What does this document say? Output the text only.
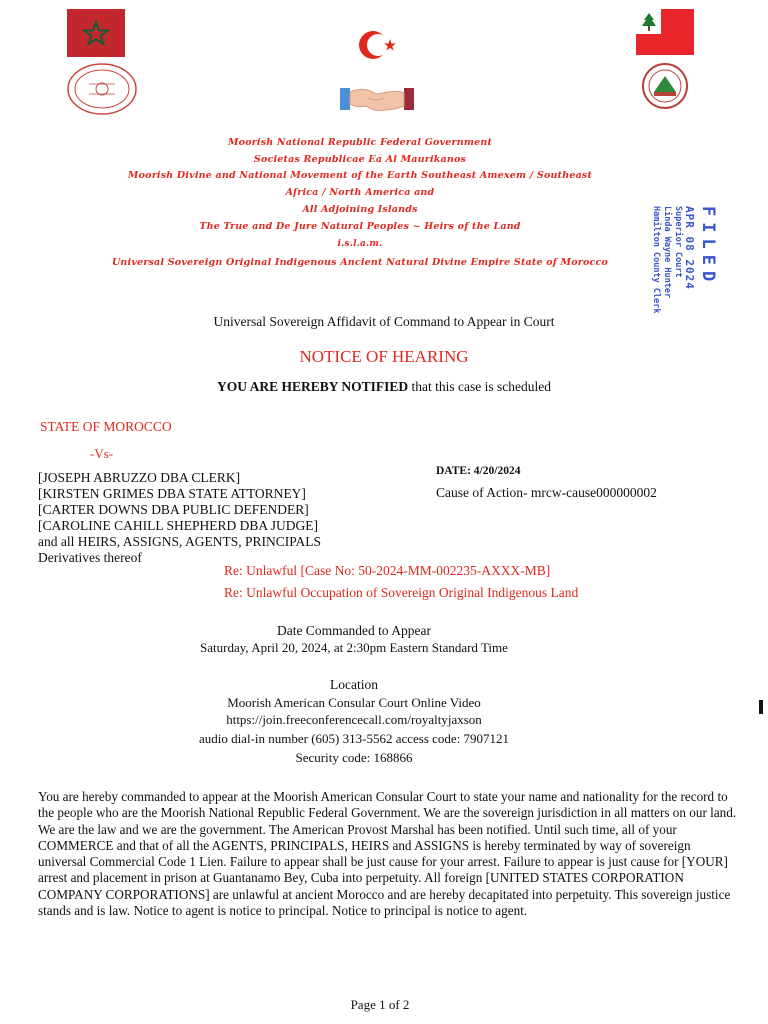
Moorish National Republic Federal Government
Societas Republicae Ea Al Maurikanos
Moorish Divine and National Movement of the Earth Southeast Amexem / Southeast
Africa / North America and
All Adjoining Islands
The True and De Jure Natural Peoples ~ Heirs of the Land
i.s.l.a.m.
Universal Sovereign Original Indigenous Ancient Natural Divine Empire State of Morocco	FILED
APR 08 2024
Superior Court
Linda Wayne Hunter
Hamilton County Clerk
Universal Sovereign Affidavit of Command to Appear in Court
NOTICE OF HEARING
YOU ARE HEREBY NOTIFIED that this case is scheduled
STATE OF MOROCCO
-Vs-
[JOSEPH ABRUZZO DBA CLERK]
[KIRSTEN GRIMES DBA STATE ATTORNEY]
[CARTER DOWNS DBA PUBLIC DEFENDER]
[CAROLINE CAHILL SHEPHERD DBA JUDGE]
and all HEIRS, ASSIGNS, AGENTS, PRINCIPALS
Derivatives thereof
DATE: 4/20/2024
Cause of Action- mrcw-cause000000002
Re: Unlawful [Case No: 50-2024-MM-002235-AXXX-MB]
Re: Unlawful Occupation of Sovereign Original Indigenous Land
Date Commanded to Appear
Saturday, April 20, 2024, at 2:30pm Eastern Standard Time
Location
Moorish American Consular Court Online Video
https://join.freeconferencecall.com/royaltyjaxson
audio dial-in number (605) 313-5562 access code: 7907121
Security code: 168866
You are hereby commanded to appear at the Moorish American Consular Court to state your name and nationality for the record to the people who are the Moorish National Republic Federal Government. We are the sovereign jurisdiction in all matters on our land. We are the law and we are the government. The American Provost Marshal has been notified. Until such time, all of your COMMERCE and that of all the AGENTS, PRINCIPALS, HEIRS and ASSIGNS is hereby terminated by way of sovereign universal Commercial Code 1 Lien. Failure to appear shall be just cause for your arrest. Failure to appear is just cause for [YOUR] arrest and placement in prison at Guantanamo Bey, Cuba into perpetuity. All foreign [UNITED STATES CORPORATION COMPANY CORPORATIONS] are unlawful at ancient Morocco and are hereby decapitated into perpetuity. This sovereign justice stands and is law. Notice to agent is notice to principal. Notice to principal is notice to agent.
Page 1 of 2
